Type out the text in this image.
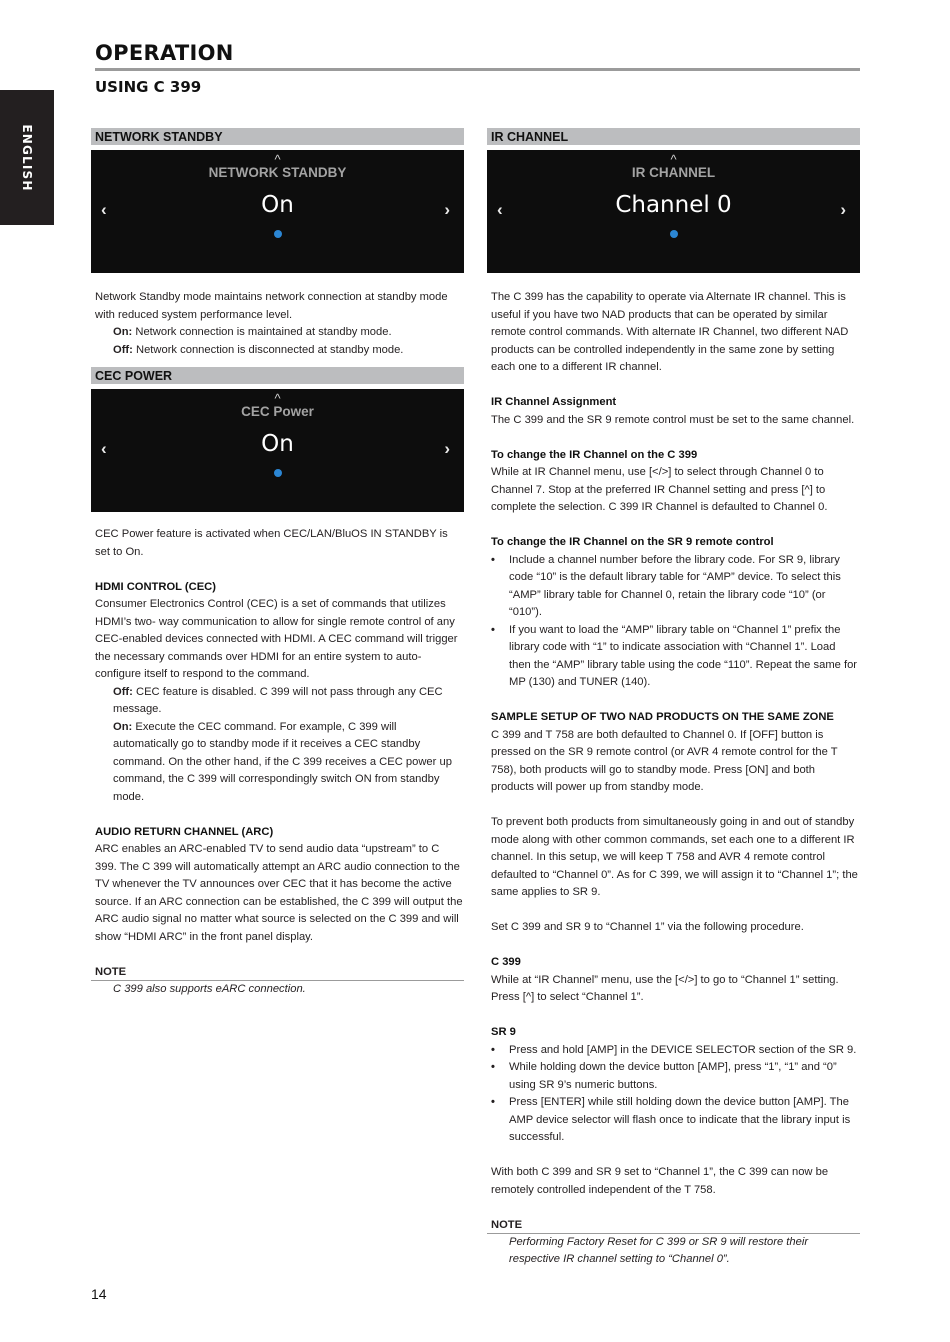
OPERATION
USING C 399
ENGLISH	NETWORK STANDBY
^
NETWORK STANDBY
On
‹	›

Network Standby mode maintains network connection at standby mode with reduced system performance level.

On: Network connection is maintained at standby mode.

Off: Network connection is disconnected at standby mode.

CEC POWER
^
CEC Power
On
‹	›

CEC Power feature is activated when CEC/LAN/BluOS IN STANDBY is set to On.

HDMI CONTROL (CEC)

Consumer Electronics Control (CEC) is a set of commands that utilizes HDMI’s two- way communication to allow for single remote control of any CEC-enabled devices connected with HDMI. A CEC command will trigger the necessary commands over HDMI for an entire system to auto-configure itself to respond to the command.

Off: CEC feature is disabled. C 399 will not pass through any CEC message.

On: Execute the CEC command. For example, C 399 will automatically go to standby mode if it receives a CEC standby command. On the other hand, if the C 399 receives a CEC power up command, the C 399 will correspondingly switch ON from standby mode.

AUDIO RETURN CHANNEL (ARC)

ARC enables an ARC-enabled TV to send audio data “upstream” to C 399. The C 399 will automatically attempt an ARC audio connection to the TV whenever the TV announces over CEC that it has become the active source. If an ARC connection can be established, the C 399 will output the ARC audio signal no matter what source is selected on the C 399 and will show “HDMI ARC” in the front panel display.

NOTE

C 399 also supports eARC connection.

IR CHANNEL
^
IR CHANNEL
Channel 0
‹	›

The C 399 has the capability to operate via Alternate IR channel. This is useful if you have two NAD products that can be operated by similar remote control commands. With alternate IR Channel, two different NAD products can be controlled independently in the same zone by setting each one to a different IR channel.

IR Channel Assignment

The C 399 and the SR 9 remote control must be set to the same channel.

To change the IR Channel on the C 399

While at IR Channel menu, use [</>] to select through Channel 0 to Channel 7. Stop at the preferred IR Channel setting and press [^] to complete the selection. C 399 IR Channel is defaulted to Channel 0.

To change the IR Channel on the SR 9 remote control
• Include a channel number before the library code. For SR 9, library code “10” is the default library table for “AMP” device. To select this “AMP” library table for Channel 0, retain the library code “10” (or “010”).
• If you want to load the “AMP” library table on “Channel 1” prefix the library code with “1” to indicate association with “Channel 1”. Load then the “AMP” library table using the code “110”. Repeat the same for MP (130) and TUNER (140).
SAMPLE SETUP OF TWO NAD PRODUCTS ON THE SAME ZONE

C 399 and T 758 are both defaulted to Channel 0. If [OFF] button is pressed on the SR 9 remote control (or AVR 4 remote control for the T 758), both products will go to standby mode. Press [ON] and both products will power up from standby mode.

To prevent both products from simultaneously going in and out of standby mode along with other common commands, set each one to a different IR channel. In this setup, we will keep T 758 and AVR 4 remote control defaulted to “Channel 0”. As for C 399, we will assign it to “Channel 1”; the same applies to SR 9.

Set C 399 and SR 9 to “Channel 1” via the following procedure.

C 399

While at “IR Channel” menu, use the [</>] to go to “Channel 1” setting. Press [^] to select “Channel 1”.

SR 9
• Press and hold [AMP] in the DEVICE SELECTOR section of the SR 9.
• While holding down the device button [AMP], press “1”, “1” and “0” using SR 9’s numeric buttons.
• Press [ENTER] while still holding down the device button [AMP]. The AMP device selector will flash once to indicate that the library input is successful.

With both C 399 and SR 9 set to “Channel 1”, the C 399 can now be remotely controlled independent of the T 758.

NOTE

Performing Factory Reset for C 399 or SR 9 will restore their respective IR channel setting to “Channel 0”.

14
